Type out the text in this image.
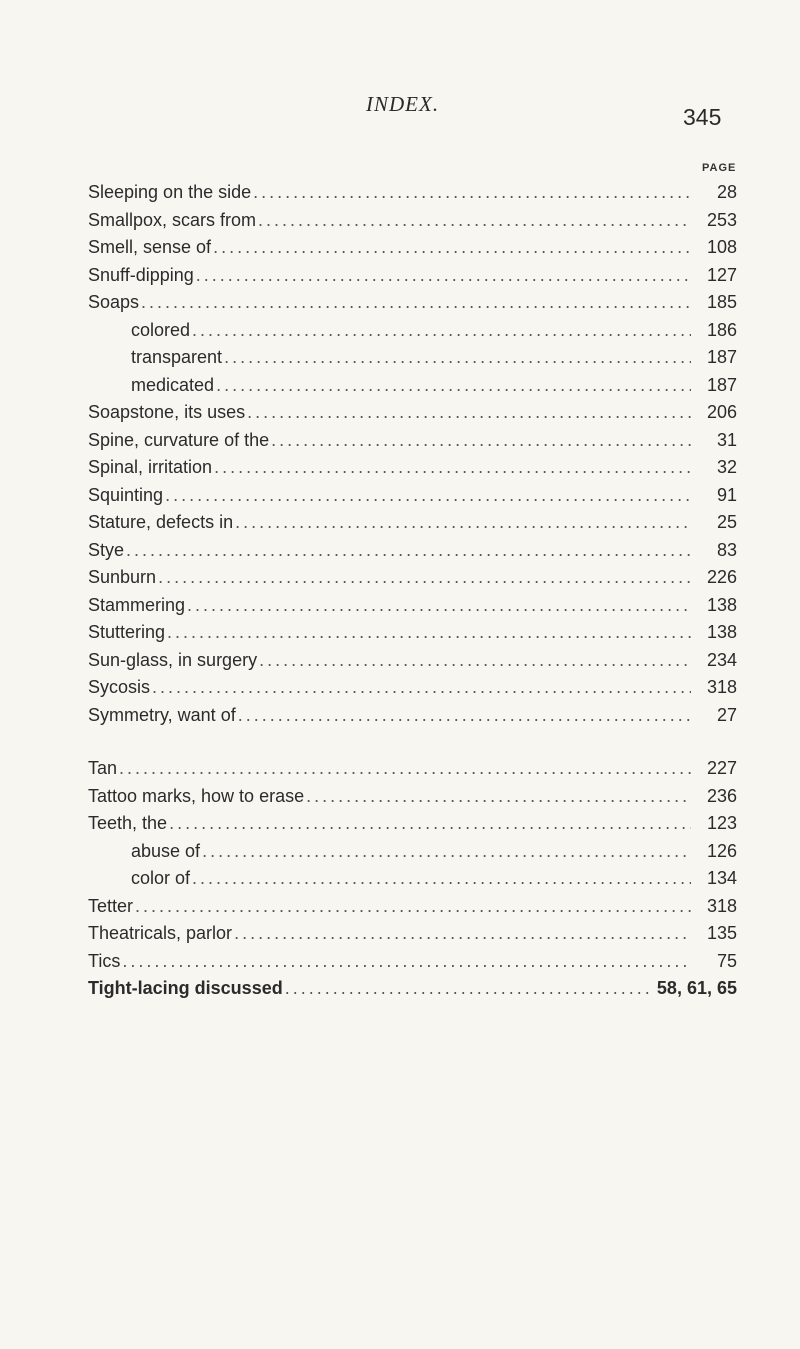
INDEX.	345
PAGE
Sleeping on the side .....	28
Smallpox, scars from .....	253
Smell, sense of .....	108
Snuff-dipping .....	127
Soaps .....	185
colored .....	186
transparent .....	187
medicated .....	187
Soapstone, its uses .....	206
Spine, curvature of the .....	31
Spinal, irritation .....	32
Squinting .....	91
Stature, defects in .....	25
Stye .....	83
Sunburn .....	226
Stammering .....	138
Stuttering .....	138
Sun-glass, in surgery .....	234
Sycosis .....	318
Symmetry, want of .....	27
Tan .....	227
Tattoo marks, how to erase .....	236
Teeth, the .....	123
abuse of .....	126
color of .....	134
Tetter .....	318
Theatricals, parlor .....	135
Tics .....	75
Tight-lacing discussed .....	58, 61, 65
